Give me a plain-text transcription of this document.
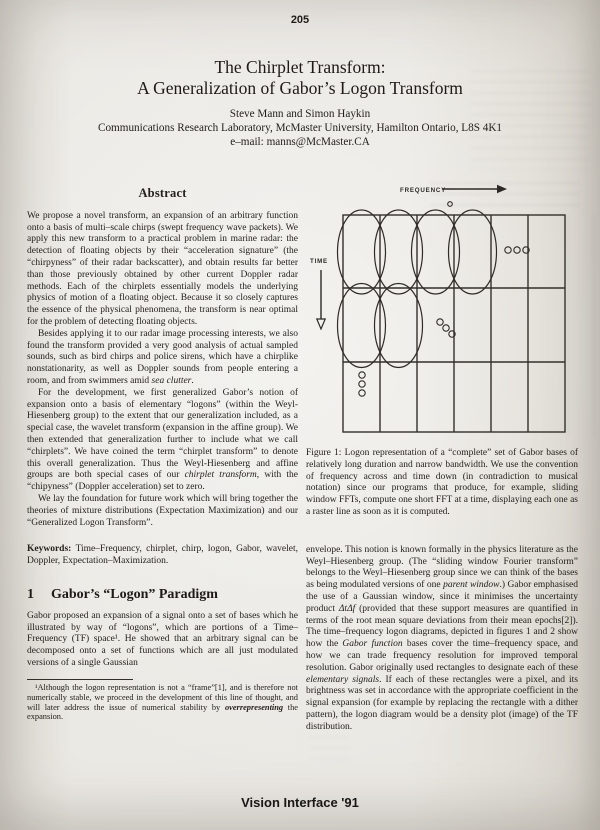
205
The Chirplet Transform:
A Generalization of Gabor’s Logon Transform
Steve Mann and Simon Haykin
Communications Research Laboratory, McMaster University, Hamilton Ontario, L8S 4K1
e–mail: manns@McMaster.CA
Abstract

We propose a novel transform, an expansion of an arbitrary function onto a basis of multi–scale chirps (swept frequency wave packets). We apply this new transform to a practical problem in marine radar: the detection of floating objects by their “acceleration signature” (the “chirpyness” of their radar backscatter), and obtain results far better than those previously obtained by other current Doppler radar methods. Each of the chirplets essentially models the underlying physics of motion of a floating object. Because it so closely captures the essence of the physical phenomena, the transform is near optimal for the problem of detecting floating objects.

Besides applying it to our radar image processing interests, we also found the transform provided a very good analysis of actual sampled sounds, such as bird chirps and police sirens, which have a chirplike nonstationarity, as well as Doppler sounds from people entering a room, and from swimmers amid sea clutter.

For the development, we first generalized Gabor’s notion of expansion onto a basis of elementary “logons” (within the Weyl-Hiesenberg group) to the extent that our generalization included, as a special case, the wavelet transform (expansion in the affine group). We then extended that generalization further to include what we call “chirplets”. We have coined the term “chirplet transform” to denote this overall generalization. Thus the Weyl-Hiesenberg and affine groups are both special cases of our chirplet transform, with the “chipyness” (Doppler acceleration) set to zero.

We lay the foundation for future work which will bring together the theories of mixture distributions (Expectation Maximization) and our “Generalized Logon Transform”.

Keywords: Time–Frequency, chirplet, chirp, logon, Gabor, wavelet, Doppler, Expectation–Maximization.

1 Gabor’s “Logon” Paradigm

Gabor proposed an expansion of a signal onto a set of bases which he illustrated by way of “logons”, which are portions of a Time–Frequency (TF) space¹. He showed that an arbitrary signal can be decomposed onto a set of functions which are all just modulated versions of a single Gaussian

¹Although the logon representation is not a “frame”[1], and is therefore not numerically stable, we proceed in the development of this line of thought, and will later address the issue of numerical stability by overrepresenting the expansion.

FREQUENCY
TIME

Figure 1: Logon representation of a “complete” set of Gabor bases of relatively long duration and narrow bandwidth. We use the convention of frequency across and time down (in contradiction to musical notation) since our programs that produce, for example, sliding window FFTs, compute one short FFT at a time, displaying each one as a raster line as soon as it is computed.

envelope. This notion is known formally in the physics literature as the Weyl–Hiesenberg group. (The “sliding window Fourier transform” belongs to the Weyl–Hiesenberg group since we can think of the bases as being modulated versions of one parent window.) Gabor emphasised the use of a Gaussian window, since it minimises the uncertainty product ΔtΔf (provided that these support measures are quantified in terms of the root mean square deviations from their mean epochs[2]). The time–frequency logon diagrams, depicted in figures 1 and 2 show how the Gabor function bases cover the time–frequency space, and how we can trade frequency resolution for improved temporal resolution. Gabor originally used rectangles to designate each of these elementary signals. If each of these rectangles were a pixel, and its brightness was set in accordance with the appropriate coefficient in the signal expansion (for example by replacing the rectangle with a dither pattern), the logon diagram would be a density plot (image) of the TF distribution.

Vision Interface '91
